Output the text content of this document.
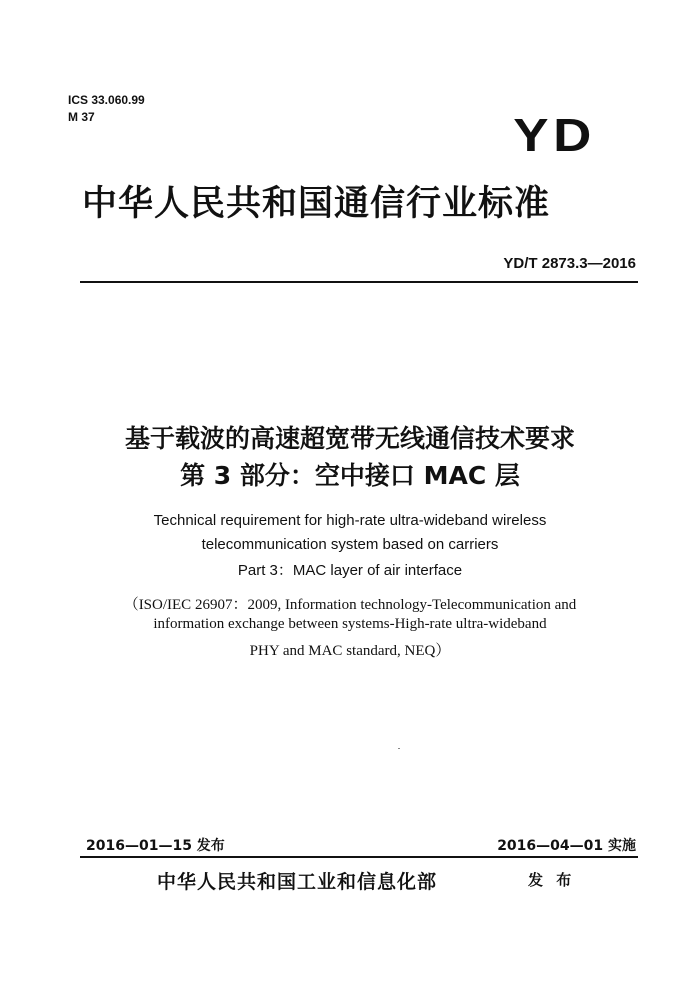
ICS 33.060.99
M 37	YD
中华人民共和国通信行业标准
YD/T 2873.3—2016
基于载波的高速超宽带无线通信技术要求
第 3 部分：空中接口 MAC 层
Technical requirement for high-rate ultra-wideband wireless
telecommunication system based on carriers
Part 3：MAC layer of air interface
（ISO/IEC 26907：2009, Information technology-Telecommunication and
information exchange between systems-High-rate ultra-wideband
PHY and MAC standard, NEQ）
2016—01—15 发布	2016—04—01 实施
中华人民共和国工业和信息化部	发 布
